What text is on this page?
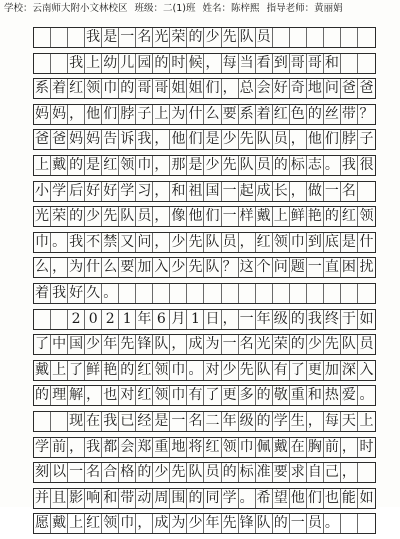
学校：云南师大附小文林校区 班级：二(1)班 姓名：陈梓熙 指导老师：黄丽娟
我 是 一 名 光 荣 的 少 先 队 员
我 上 幼 儿 园 的 时 候 ， 每 当 看 到 哥 哥 和
系 着 红 领 巾 的 哥 哥 姐 姐 们 ， 总 会 好 奇 地 问 爸 爸
妈 妈 ， 他 们 脖 子 上 为 什 么 要 系 着 红 色 的 丝 带 ？
爸 爸 妈 妈 告 诉 我 ， 他 们 是 少 先 队 员 ， 他 们 脖 子
上 戴 的 是 红 领 巾 ， 那 是 少 先 队 员 的 标 志 。 我 很
小 学 后 好 好 学 习 ， 和 祖 国 一 起 成 长 ， 做 一 名
光 荣 的 少 先 队 员 ， 像 他 们 一 样 戴 上 鲜 艳 的 红 领
巾 。 我 不 禁 又 问 ， 少 先 队 员 ， 红 领 巾 到 底 是 什
么 ， 为 什 么 要 加 入 少 先 队 ？ 这 个 问 题 一 直 困 扰
着 我 好 久 。
2 0 2 1 年 6 月 1 日 ， 一 年 级 的 我 终 于 如
了 中 国 少 年 先 锋 队 ， 成 为 一 名 光 荣 的 少 先 队 员
戴 上 了 鲜 艳 的 红 领 巾 。 对 少 先 队 有 了 更 加 深 入
的 理 解 ， 也 对 红 领 巾 有 了 更 多 的 敬 重 和 热 爱 。
现 在 我 已 经 是 一 名 二 年 级 的 学 生 ， 每 天 上
学 前 ， 我 都 会 郑 重 地 将 红 领 巾 佩 戴 在 胸 前 ， 时
刻 以 一 名 合 格 的 少 先 队 员 的 标 准 要 求 自 己 ，
并 且 影 响 和 带 动 周 围 的 同 学 。 希 望 他 们 也 能 如
愿 戴 上 红 领 巾 ， 成 为 少 年 先 锋 队 的 一 员 。
